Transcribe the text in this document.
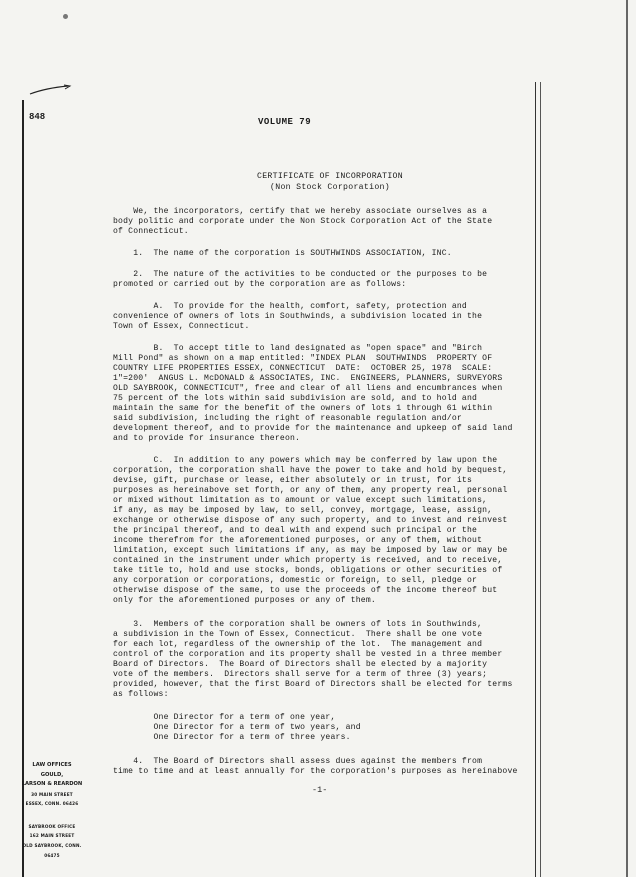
848	VOLUME 79
CERTIFICATE OF INCORPORATION
(Non Stock Corporation)
We, the incorporators, certify that we hereby associate ourselves as a
body politic and corporate under the Non Stock Corporation Act of the State
of Connecticut.
1.  The name of the corporation is SOUTHWINDS ASSOCIATION, INC.
2.  The nature of the activities to be conducted or the purposes to be
promoted or carried out by the corporation are as follows:
A.  To provide for the health, comfort, safety, protection and
convenience of owners of lots in Southwinds, a subdivision located in the
Town of Essex, Connecticut.
B.  To accept title to land designated as "open space" and "Birch
Mill Pond" as shown on a map entitled: "INDEX PLAN  SOUTHWINDS  PROPERTY OF
COUNTRY LIFE PROPERTIES ESSEX, CONNECTICUT  DATE:  OCTOBER 25, 1978  SCALE:
1"=200'  ANGUS L. McDONALD & ASSOCIATES, INC.  ENGINEERS, PLANNERS, SURVEYORS
OLD SAYBROOK, CONNECTICUT", free and clear of all liens and encumbrances when
75 percent of the lots within said subdivision are sold, and to hold and
maintain the same for the benefit of the owners of lots 1 through 61 within
said subdivision, including the right of reasonable regulation and/or
development thereof, and to provide for the maintenance and upkeep of said land
and to provide for insurance thereon.
C.  In addition to any powers which may be conferred by law upon the
corporation, the corporation shall have the power to take and hold by bequest,
devise, gift, purchase or lease, either absolutely or in trust, for its
purposes as hereinabove set forth, or any of them, any property real, personal
or mixed without limitation as to amount or value except such limitations,
if any, as may be imposed by law, to sell, convey, mortgage, lease, assign,
exchange or otherwise dispose of any such property, and to invest and reinvest
the principal thereof, and to deal with and expend such principal or the
income therefrom for the aforementioned purposes, or any of them, without
limitation, except such limitations if any, as may be imposed by law or may be
contained in the instrument under which property is received, and to receive,
take title to, hold and use stocks, bonds, obligations or other securities of
any corporation or corporations, domestic or foreign, to sell, pledge or
otherwise dispose of the same, to use the proceeds of the income thereof but
only for the aforementioned purposes or any of them.
3.  Members of the corporation shall be owners of lots in Southwinds,
a subdivision in the Town of Essex, Connecticut.  There shall be one vote
for each lot, regardless of the ownership of the lot.  The management and
control of the corporation and its property shall be vested in a three member
Board of Directors.  The Board of Directors shall be elected by a majority
vote of the members.  Directors shall serve for a term of three (3) years;
provided, however, that the first Board of Directors shall be elected for terms
as follows:
One Director for a term of one year,
One Director for a term of two years, and
One Director for a term of three years.
4.  The Board of Directors shall assess dues against the members from
time to time and at least annually for the corporation's purposes as hereinabove
-1-
LAW OFFICES
GOULD,
LARSON & REARDON
30 MAIN STREET
ESSEX, CONN. 06426
SAYBROOK OFFICE
162 MAIN STREET
OLD SAYBROOK, CONN.
06475
